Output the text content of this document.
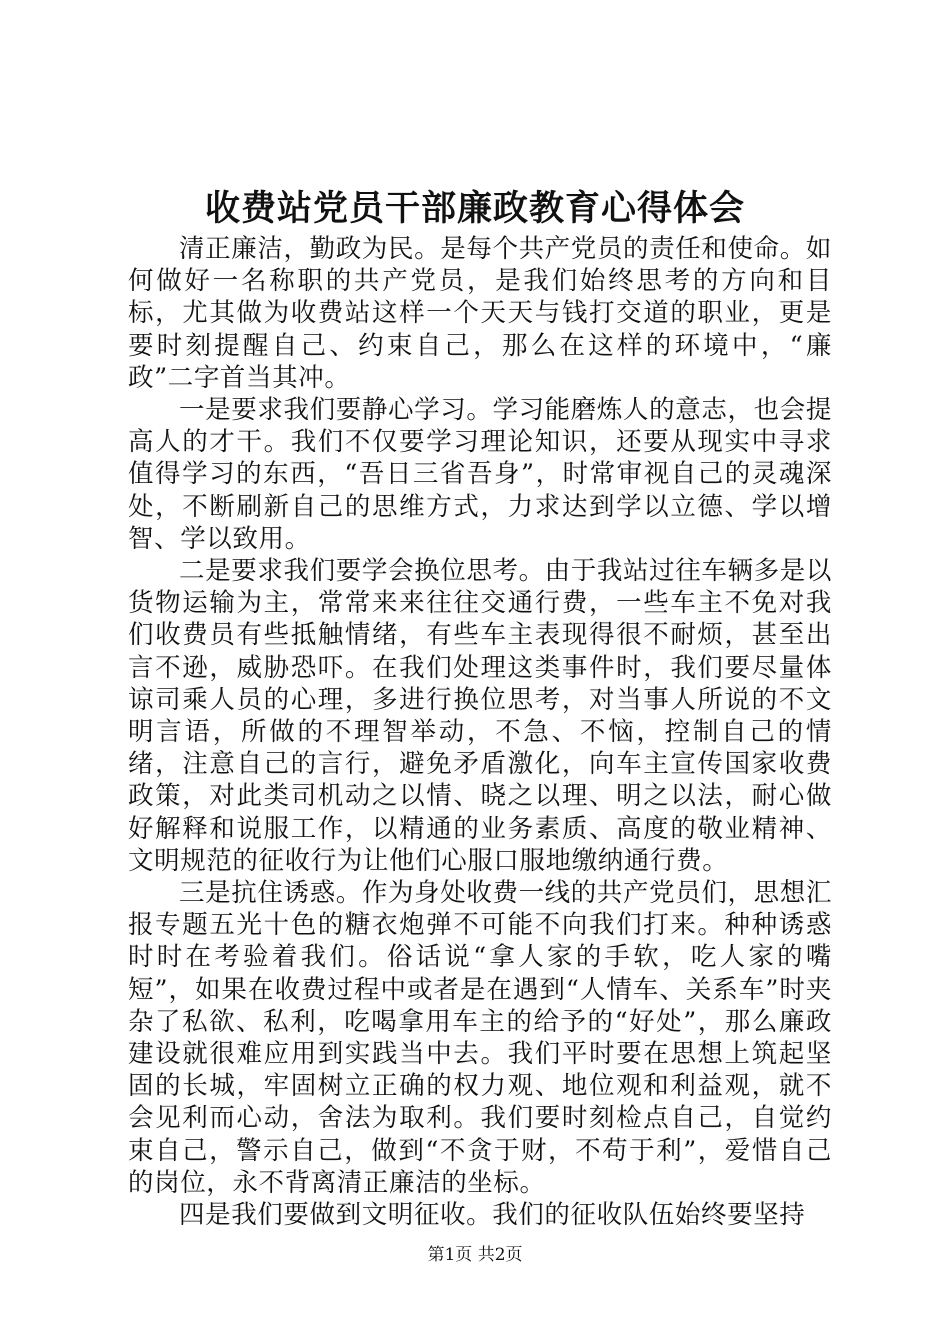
收费站党员干部廉政教育心得体会

清正廉洁，勤政为民。是每个共产党员的责任和使命。如何做好一名称职的共产党员，是我们始终思考的方向和目标，尤其做为收费站这样一个天天与钱打交道的职业，更是要时刻提醒自己、约束自己，那么在这样的环境中，“廉政”二字首当其冲。

一是要求我们要静心学习。学习能磨炼人的意志，也会提高人的才干。我们不仅要学习理论知识，还要从现实中寻求值得学习的东西，“吾日三省吾身”，时常审视自己的灵魂深处，不断刷新自己的思维方式，力求达到学以立德、学以增智、学以致用。

二是要求我们要学会换位思考。由于我站过往车辆多是以货物运输为主，常常来来往往交通行费，一些车主不免对我们收费员有些抵触情绪，有些车主表现得很不耐烦，甚至出言不逊，威胁恐吓。在我们处理这类事件时，我们要尽量体谅司乘人员的心理，多进行换位思考，对当事人所说的不文明言语，所做的不理智举动，不急、不恼，控制自己的情绪，注意自己的言行，避免矛盾激化，向车主宣传国家收费政策，对此类司机动之以情、晓之以理、明之以法，耐心做好解释和说服工作，以精通的业务素质、高度的敬业精神、文明规范的征收行为让他们心服口服地缴纳通行费。

三是抗住诱惑。作为身处收费一线的共产党员们，思想汇报专题五光十色的糖衣炮弹不可能不向我们打来。种种诱惑时时在考验着我们。俗话说“拿人家的手软，吃人家的嘴短”，如果在收费过程中或者是在遇到“人情车、关系车”时夹杂了私欲、私利，吃喝拿用车主的给予的“好处”，那么廉政建设就很难应用到实践当中去。我们平时要在思想上筑起坚固的长城，牢固树立正确的权力观、地位观和利益观，就不会见利而心动，舍法为取利。我们要时刻检点自己，自觉约束自己，警示自己，做到“不贪于财，不苟于利”，爱惜自己的岗位，永不背离清正廉洁的坐标。

四是我们要做到文明征收。我们的征收队伍始终要坚持

第1页 共2页
